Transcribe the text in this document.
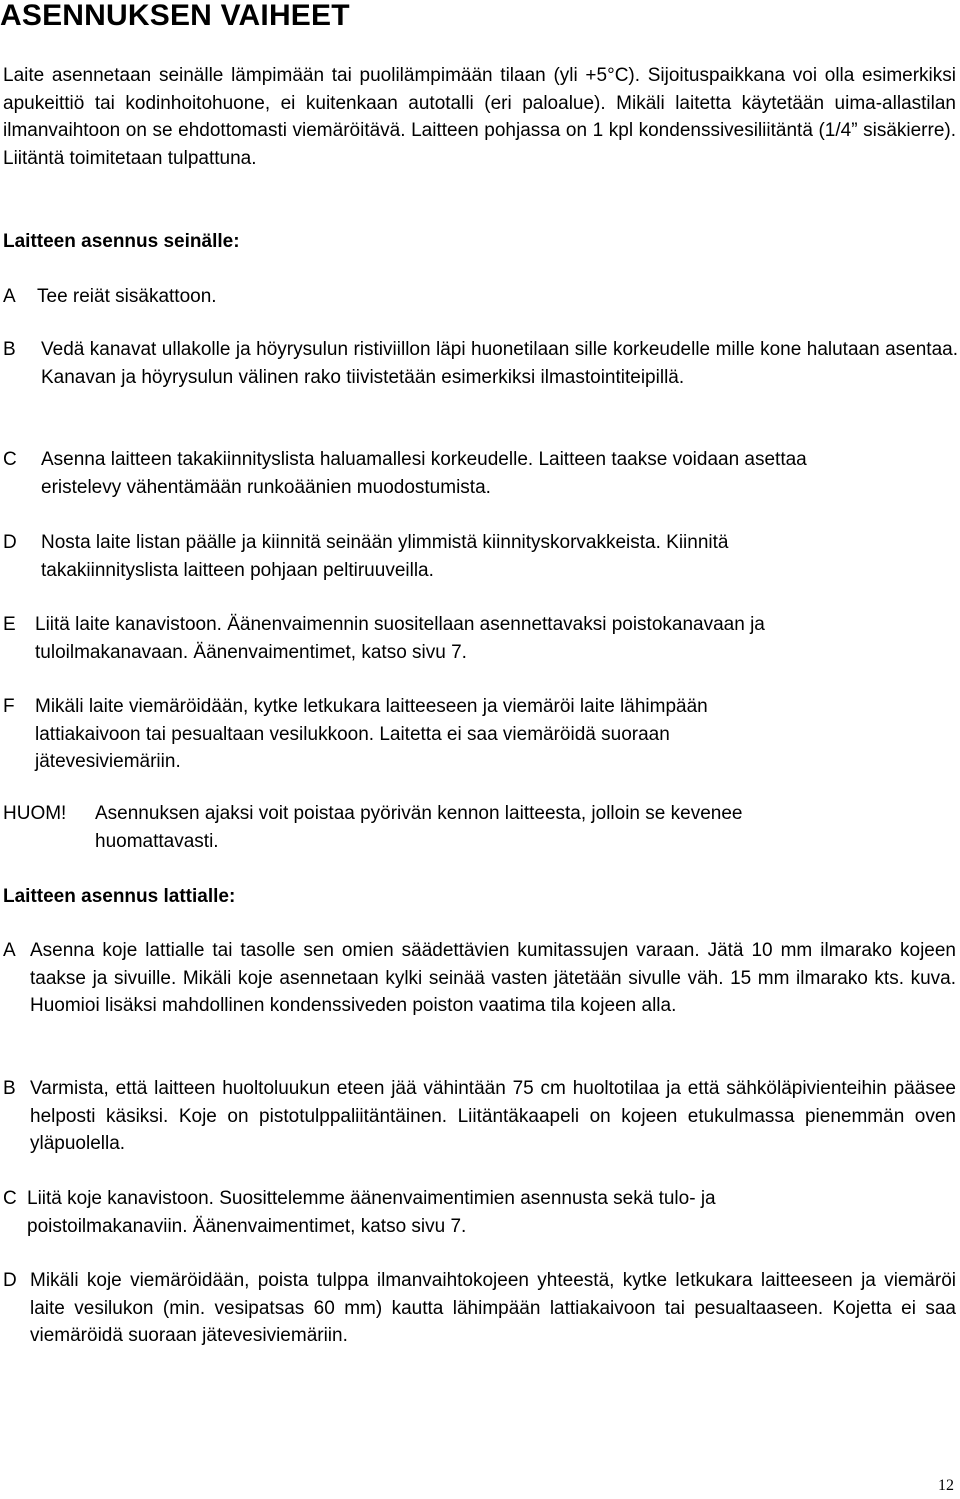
ASENNUKSEN VAIHEET

Laite asennetaan seinälle lämpimään tai puolilämpimään tilaan (yli +5°C). Sijoituspaikkana voi olla esimerkiksi apukeittiö tai kodinhoitohuone, ei kuitenkaan autotalli (eri paloalue). Mikäli laitetta käytetään uima-allastilan ilmanvaihtoon on se ehdottomasti viemäröitävä. Laitteen pohjassa on 1 kpl kondenssivesiliitäntä (1/4” sisäkierre). Liitäntä toimitetaan tulpattuna.

Laitteen asennus seinälle:

A Tee reiät sisäkattoon.
B Vedä kanavat ullakolle ja höyrysulun ristiviillon läpi huonetilaan sille korkeudelle mille kone halutaan asentaa. Kanavan ja höyrysulun välinen rako tiivistetään esimerkiksi ilmastointiteipillä.
C Asenna laitteen takakiinnityslista haluamallesi korkeudelle. Laitteen taakse voidaan asettaa eristelevy vähentämään runkoäänien muodostumista.
D Nosta laite listan päälle ja kiinnitä seinään ylimmistä kiinnityskorvakkeista. Kiinnitä takakiinnityslista laitteen pohjaan peltiruuveilla.
E Liitä laite kanavistoon. Äänenvaimennin suositellaan asennettavaksi poistokanavaan ja tuloilmakanavaan. Äänenvaimentimet, katso sivu 7.
F Mikäli laite viemäröidään, kytke letkukara laitteeseen ja viemäröi laite lähimpään lattiakaivoon tai pesualtaan vesilukkoon. Laitetta ei saa viemäröidä suoraan jätevesiviemäriin.
HUOM! Asennuksen ajaksi voit poistaa pyörivän kennon laitteesta, jolloin se kevenee huomattavasti.

Laitteen asennus lattialle:

A Asenna koje lattialle tai tasolle sen omien säädettävien kumitassujen varaan. Jätä 10 mm ilmarako kojeen taakse ja sivuille. Mikäli koje asennetaan kylki seinää vasten jätetään sivulle väh. 15 mm ilmarako kts. kuva. Huomioi lisäksi mahdollinen kondenssiveden poiston vaatima tila kojeen alla.
B Varmista, että laitteen huoltoluukun eteen jää vähintään 75 cm huoltotilaa ja että sähköläpivienteihin pääsee helposti käsiksi. Koje on pistotulppaliitäntäinen. Liitäntäkaapeli on kojeen etukulmassa pienemmän oven yläpuolella.
C Liitä koje kanavistoon. Suosittelemme äänenvaimentimien asennusta sekä tulo- ja poistoilmakanaviin. Äänenvaimentimet, katso sivu 7.
D Mikäli koje viemäröidään, poista tulppa ilmanvaihtokojeen yhteestä, kytke letkukara laitteeseen ja viemäröi laite vesilukon (min. vesipatsas 60 mm) kautta lähimpään lattiakaivoon tai pesualtaaseen. Kojetta ei saa viemäröidä suoraan jätevesiviemäriin.
12
